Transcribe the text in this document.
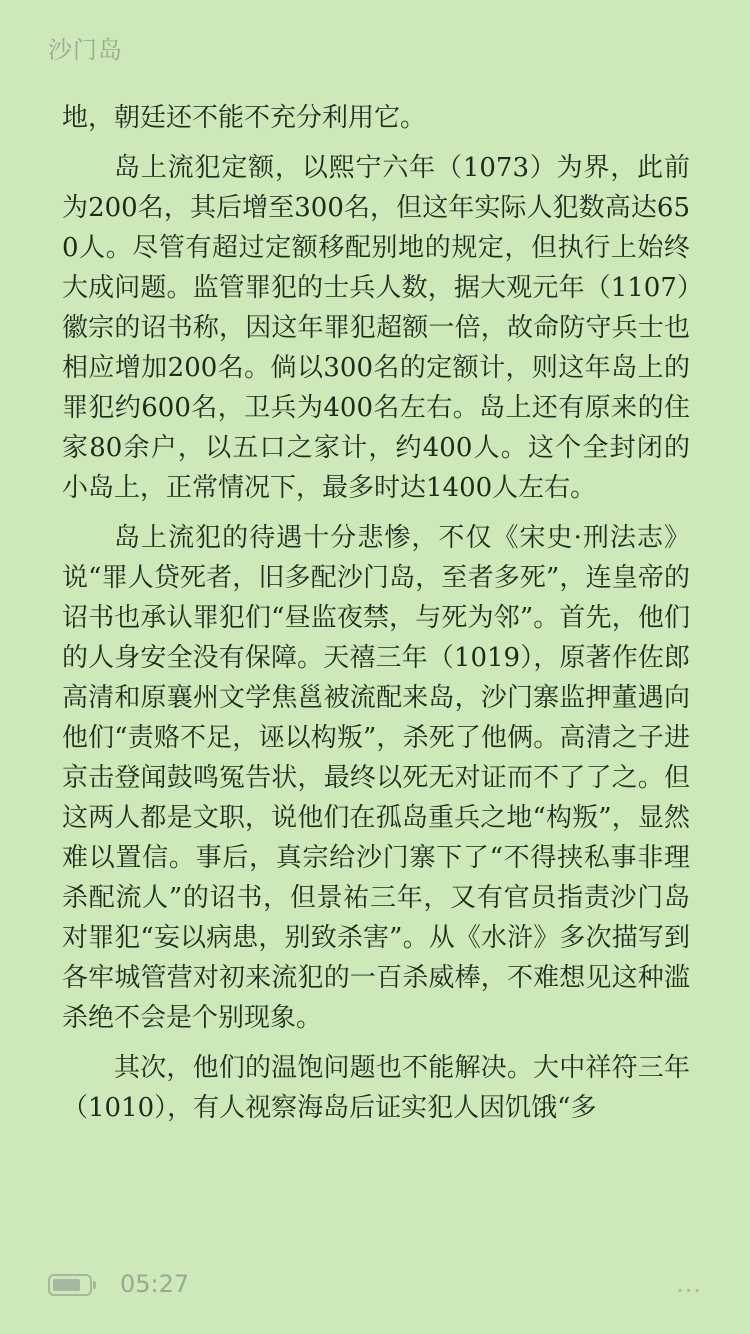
沙门岛

地，朝廷还不能不充分利用它。

岛上流犯定额，以熙宁六年（1073）为界，此前为200名，其后增至300名，但这年实际人犯数高达650人。尽管有超过定额移配别地的规定，但执行上始终大成问题。监管罪犯的士兵人数，据大观元年（1107）徽宗的诏书称，因这年罪犯超额一倍，故命防守兵士也相应增加200名。倘以300名的定额计，则这年岛上的罪犯约600名，卫兵为400名左右。岛上还有原来的住家80余户，以五口之家计，约400人。这个全封闭的小岛上，正常情况下，最多时达1400人左右。

岛上流犯的待遇十分悲惨，不仅《宋史·刑法志》说“罪人贷死者，旧多配沙门岛，至者多死”，连皇帝的诏书也承认罪犯们“昼监夜禁，与死为邻”。首先，他们的人身安全没有保障。天禧三年（1019），原著作佐郎高清和原襄州文学焦邕被流配来岛，沙门寨监押董遇向他们“责赂不足，诬以构叛”，杀死了他俩。高清之子进京击登闻鼓鸣冤告状，最终以死无对证而不了了之。但这两人都是文职，说他们在孤岛重兵之地“构叛”，显然难以置信。事后，真宗给沙门寨下了“不得挟私事非理杀配流人”的诏书，但景祐三年，又有官员指责沙门岛对罪犯“妄以病患，别致杀害”。从《水浒》多次描写到各牢城管营对初来流犯的一百杀威棒，不难想见这种滥杀绝不会是个别现象。

其次，他们的温饱问题也不能解决。大中祥符三年（1010），有人视察海岛后证实犯人因饥饿“多

05:27	...
